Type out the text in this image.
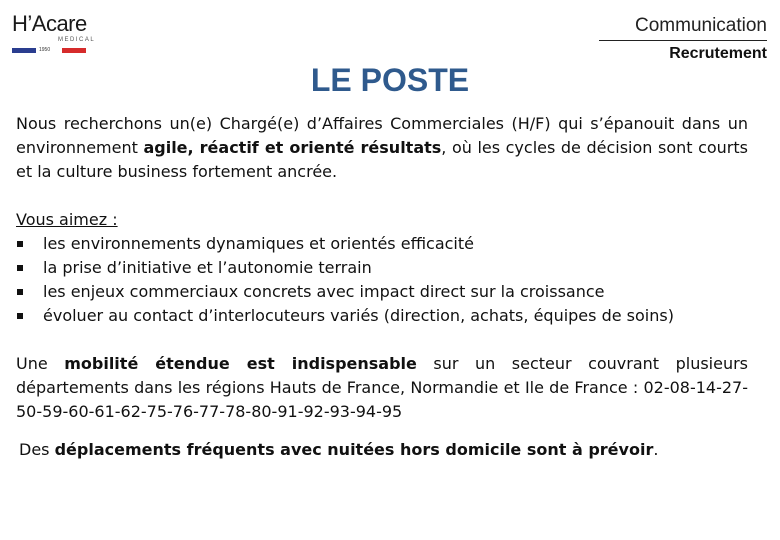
H’Acare
MEDICAL
1950
Communication
Recrutement
LE POSTE

Nous recherchons un(e) Chargé(e) d’Affaires Commerciales (H/F) qui s’épanouit dans un environnement agile, réactif et orienté résultats, où les cycles de décision sont courts et la culture business fortement ancrée.

Vous aimez :

les environnements dynamiques et orientés efficacité
la prise d’initiative et l’autonomie terrain
les enjeux commerciaux concrets avec impact direct sur la croissance
évoluer au contact d’interlocuteurs variés (direction, achats, équipes de soins)

Une mobilité étendue est indispensable sur un secteur couvrant plusieurs départements dans les régions Hauts de France, Normandie et Ile de France : 02-08-14-27-50-59-60-61-62-75-76-77-78-80-91-92-93-94-95

Des déplacements fréquents avec nuitées hors domicile sont à prévoir.
